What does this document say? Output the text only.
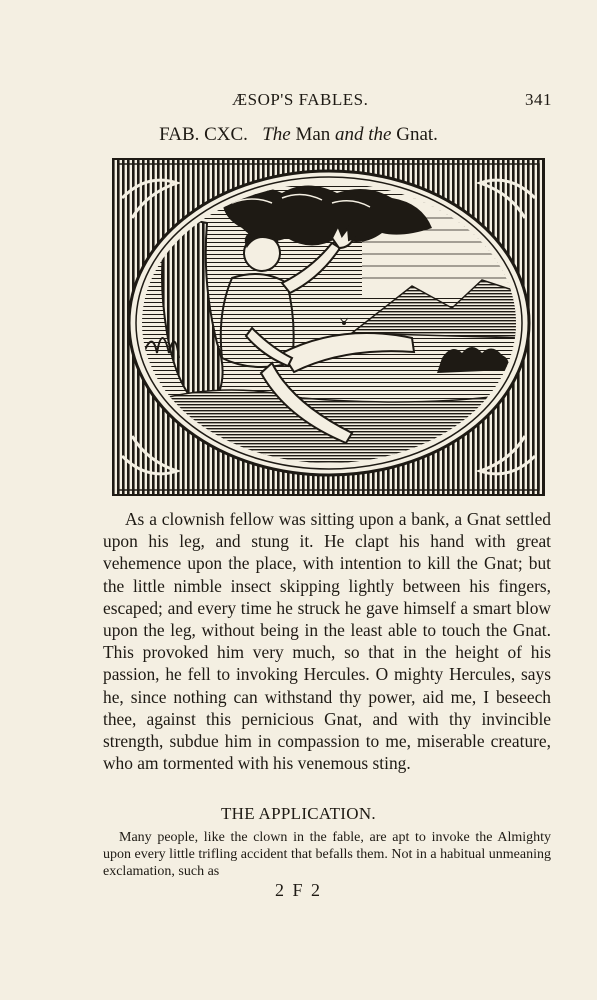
ÆSOP'S FABLES.	341
FAB. CXC. The Man and the Gnat.

As a clownish fellow was sitting upon a bank, a Gnat settled upon his leg, and stung it. He clapt his hand with great vehemence upon the place, with intention to kill the Gnat; but the little nimble insect skipping lightly between his fingers, escaped; and every time he struck he gave himself a smart blow upon the leg, without being in the least able to touch the Gnat. This provoked him very much, so that in the height of his passion, he fell to invoking Hercules. O mighty Hercules, says he, since nothing can withstand thy power, aid me, I beseech thee, against this pernicious Gnat, and with thy invincible strength, subdue him in compassion to me, miserable creature, who am tormented with his venemous sting.

THE APPLICATION.

Many people, like the clown in the fable, are apt to invoke the Almighty upon every little trifling accident that befalls them. Not in a habitual unmeaning exclamation, such as

2 F 2
